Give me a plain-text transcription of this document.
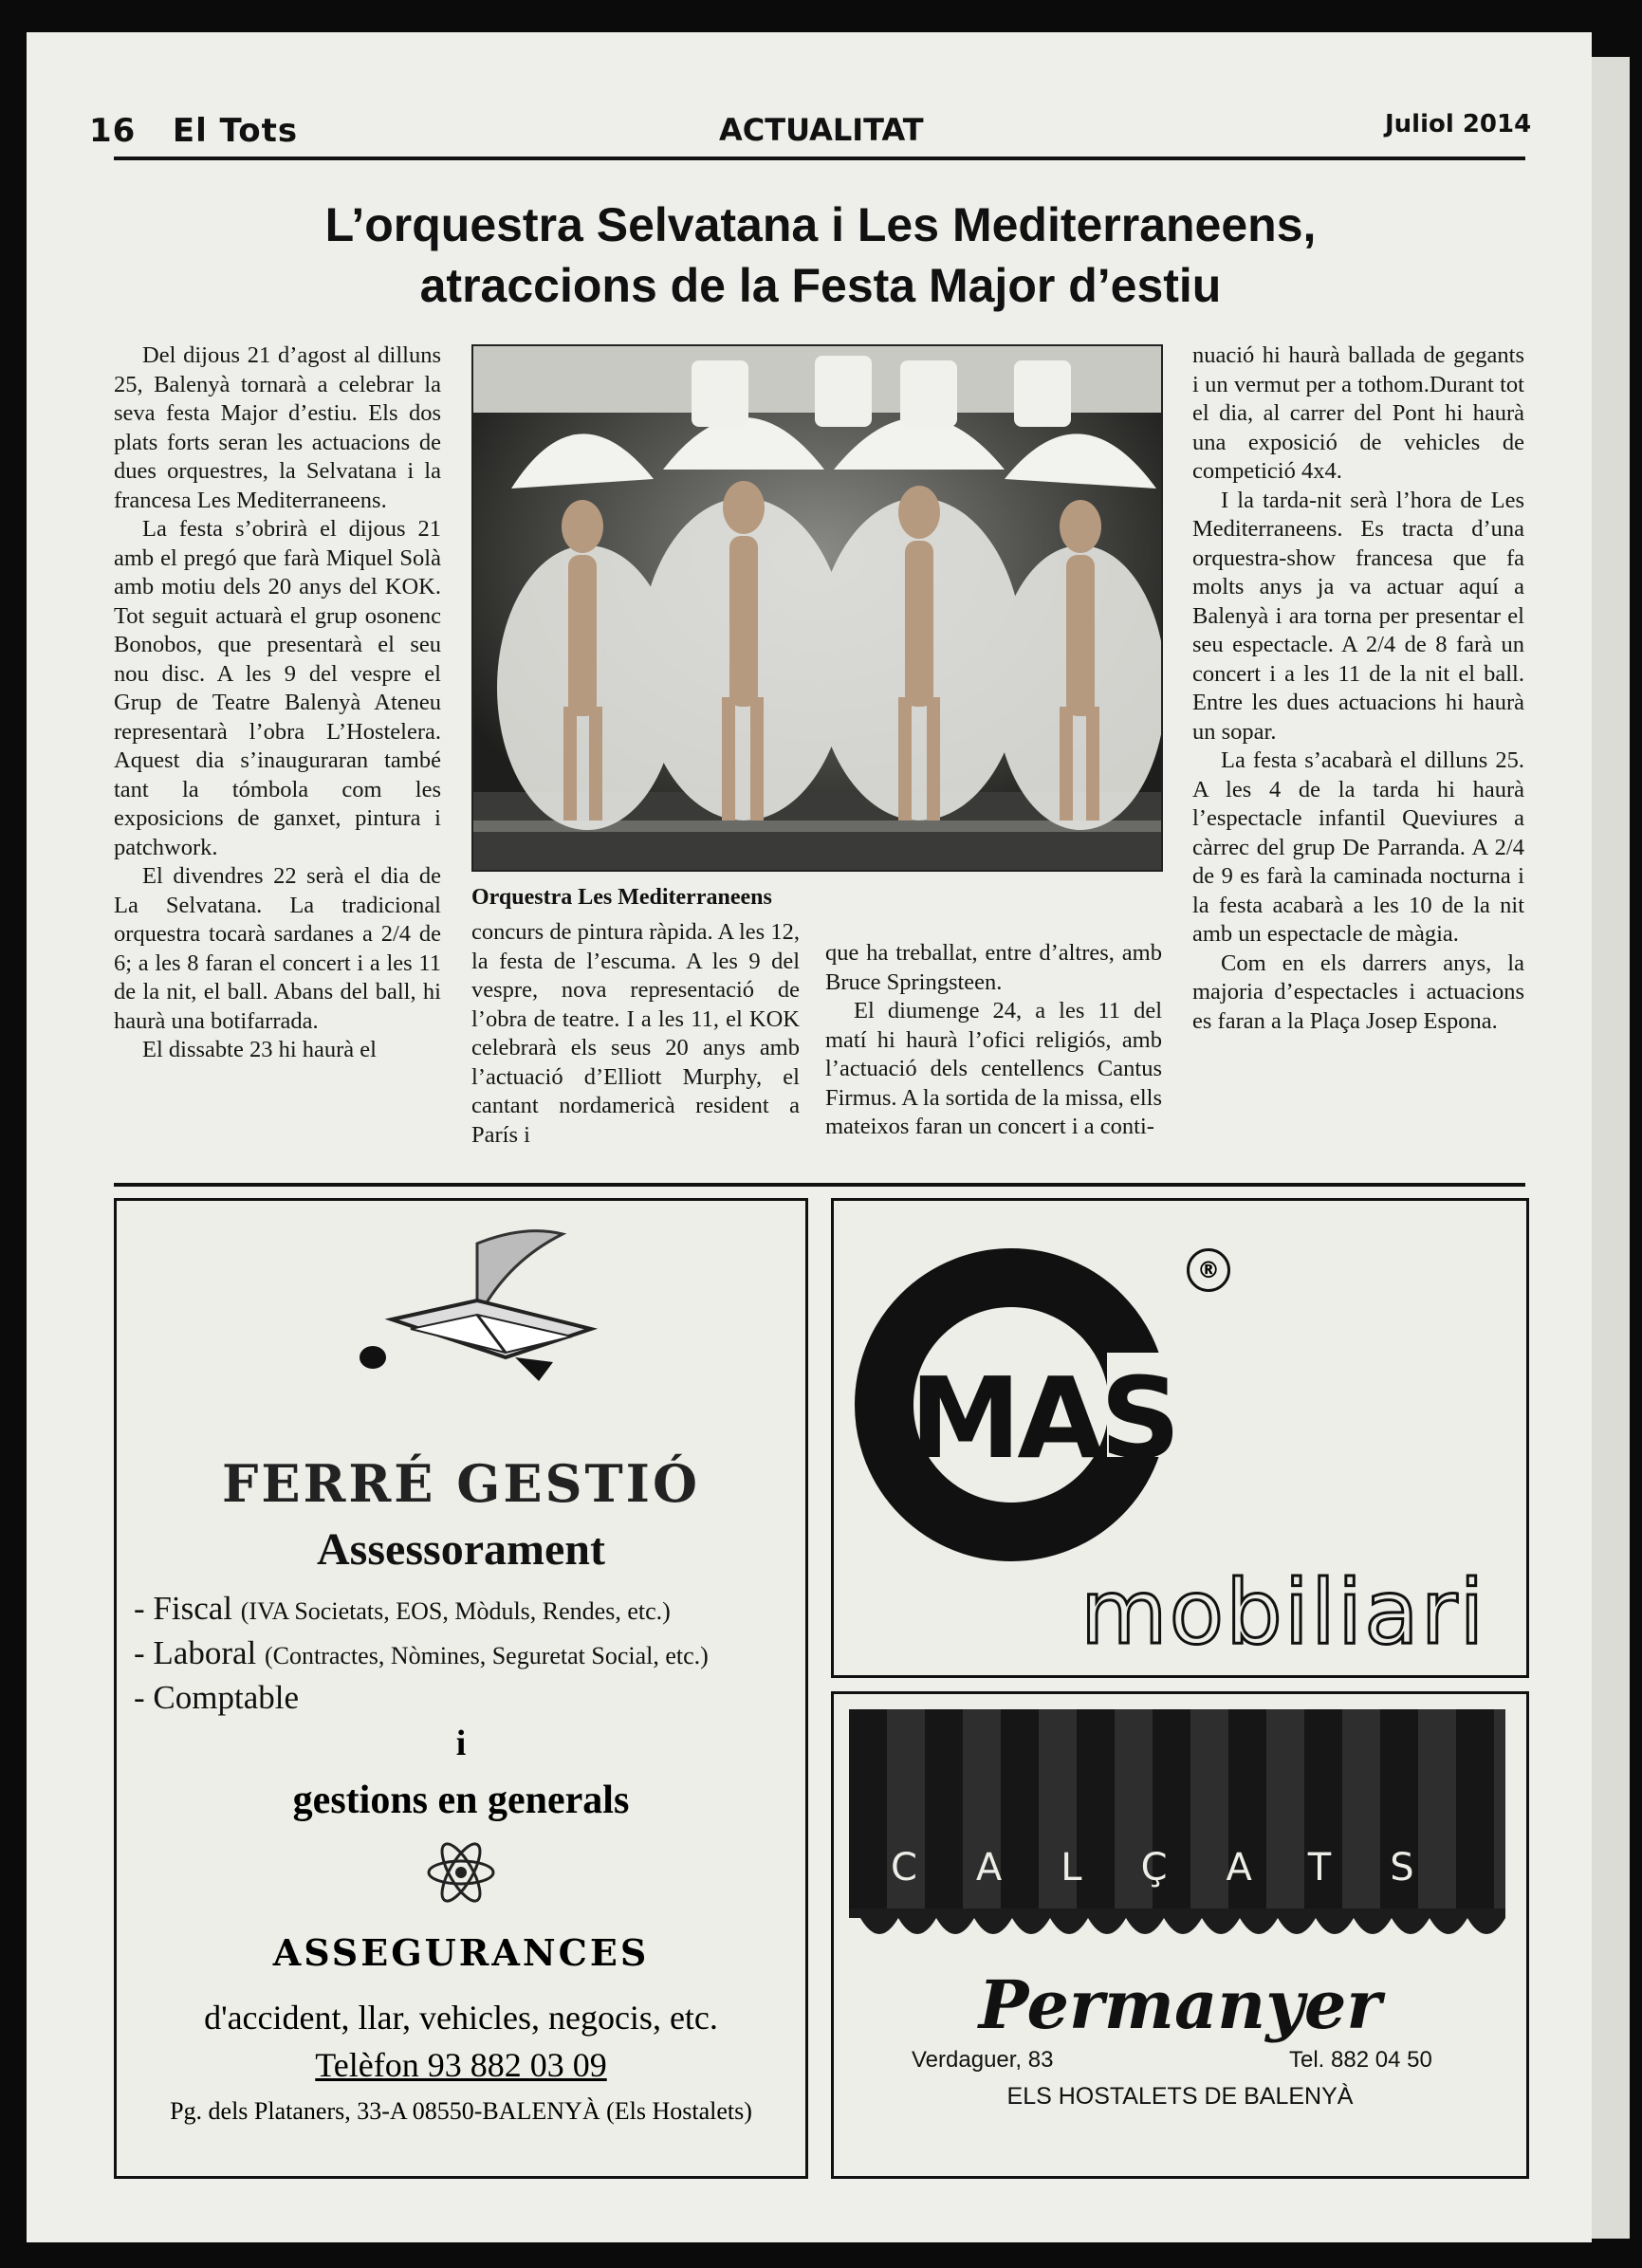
16 El Tots	ACTUALITAT	Juliol 2014
L’orquestra Selvatana i Les Mediterraneens,
atraccions de la Festa Major d’estiu

Del dijous 21 d’agost al dilluns 25, Balenyà tornarà a celebrar la seva festa Major d’estiu. Els dos plats forts seran les actuacions de dues orquestres, la Selvatana i la francesa Les Mediterraneens.

La festa s’obrirà el dijous 21 amb el pregó que farà Miquel Solà amb motiu dels 20 anys del KOK. Tot seguit actuarà el grup osonenc Bonobos, que presentarà el seu nou disc. A les 9 del vespre el Grup de Teatre Balenyà Ateneu representarà l’obra L’Hostelera. Aquest dia s’inauguraran també tant la tómbola com les exposicions de ganxet, pintura i patchwork.

El divendres 22 serà el dia de La Selvatana. La tradicional orquestra tocarà sardanes a 2/4 de 6; a les 8 faran el concert i a les 11 de la nit, el ball. Abans del ball, hi haurà una botifarrada.

El dissabte 23 hi haurà el

Orquestra Les Mediterraneens

concurs de pintura ràpida. A les 12, la festa de l’escuma. A les 9 del vespre, nova representació de l’obra de teatre. I a les 11, el KOK celebrarà els seus 20 anys amb l’actuació d’Elliott Murphy, el cantant nordamericà resident a París i

que ha treballat, entre d’altres, amb Bruce Springsteen.

El diumenge 24, a les 11 del matí hi haurà l’ofici religiós, amb l’actuació dels centellencs Cantus Firmus. A la sortida de la missa, ells mateixos faran un concert i a conti-

nuació hi haurà ballada de gegants i un vermut per a tothom.Durant tot el dia, al carrer del Pont hi haurà una exposició de vehicles de competició 4x4.

I la tarda-nit serà l’hora de Les Mediterraneens. Es tracta d’una orquestra-show francesa que fa molts anys ja va actuar aquí a Balenyà i ara torna per presentar el seu espectacle. A 2/4 de 8 farà un concert i a les 11 de la nit el ball. Entre les dues actuacions hi haurà un sopar.

La festa s’acabarà el dilluns 25. A les 4 de la tarda hi haurà l’espectacle infantil Queviures a càrrec del grup De Parranda. A 2/4 de 9 es farà la caminada nocturna i la festa acabarà a les 10 de la nit amb un espectacle de màgia.

Com en els darrers anys, la majoria d’espectacles i actuacions es faran a la Plaça Josep Espona.

FERRÉ GESTIÓ
Assessorament
- Fiscal (IVA Societats, EOS, Mòduls, Rendes, etc.)
- Laboral (Contractes, Nòmines, Seguretat Social, etc.)
- Comptable
i
gestions en generals
ASSEGURANCES
d'accident, llar, vehicles, negocis, etc.
Telèfon 93 882 03 09
Pg. dels Plataners, 33-A 08550-BALENYÀ (Els Hostalets)
MAS
®
mobiliari
CALÇATS
Permanyer
Verdaguer, 83	Tel. 882 04 50
ELS HOSTALETS DE BALENYÀ
